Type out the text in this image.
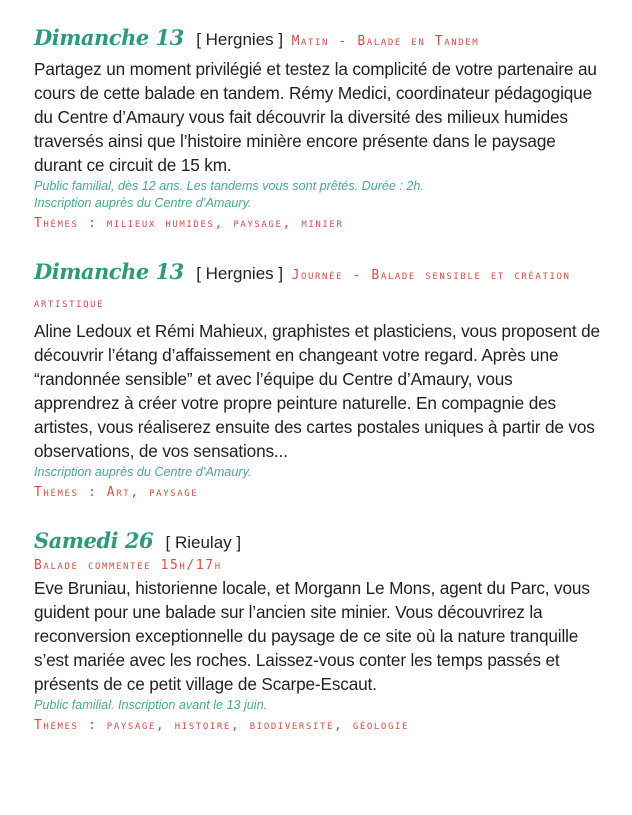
Dimanche 13 [ Hergnies ] Matin - Balade en Tandem

Partagez un moment privilégié et testez la complicité de votre partenaire au cours de cette balade en tandem. Rémy Medici, coordinateur pédagogique du Centre d’Amaury vous fait découvrir la diversité des milieux humides traversés ainsi que l’histoire minière encore présente dans le paysage durant ce circuit de 15 km.

Public familial, dès 12 ans. Les tandems vous sont prêtés. Durée : 2h.

Inscription auprès du Centre d’Amaury.

Thèmes : milieux humides, paysage, minier
Dimanche 13 [ Hergnies ] Journée - Balade sensible et création artistique

Aline Ledoux et Rémi Mahieux, graphistes et plasticiens, vous proposent de découvrir l’étang d’affaissement en changeant votre regard. Après une “randonnée sensible” et avec l’équipe du Centre d’Amaury, vous apprendrez à créer votre propre peinture naturelle. En compagnie des artistes, vous réaliserez ensuite des cartes postales uniques à partir de vos observations, de vos sensations...

Inscription auprès du Centre d’Amaury.

Thèmes : Art, paysage
Samedi 26 [ Rieulay ]
Balade commentée 15h/17h

Eve Bruniau, historienne locale, et Morgann Le Mons, agent du Parc, vous guident pour une balade sur l’ancien site minier. Vous découvrirez la reconversion exceptionnelle du paysage de ce site où la nature tranquille s’est mariée avec les roches. Laissez-vous conter les temps passés et présents de ce petit village de Scarpe-Escaut.

Public familial. Inscription avant le 13 juin.

Thèmes : paysage, histoire, biodiversité, géologie
